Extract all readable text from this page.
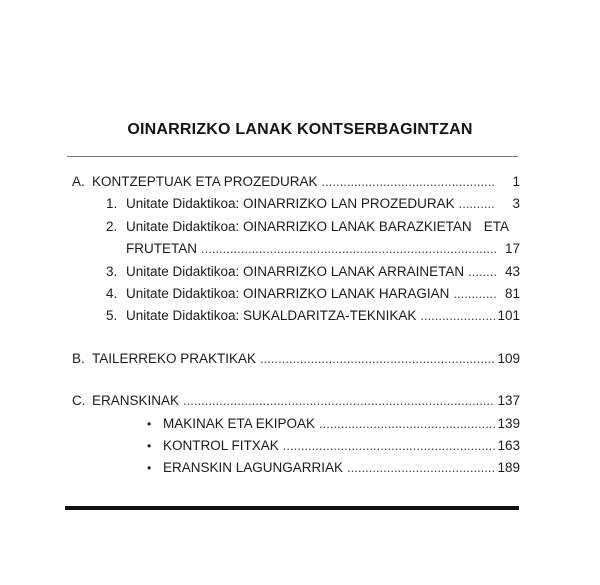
OINARRIZKO LANAK KONTSERBAGINTZAN
A. KONTZEPTUAK ETA PROZEDURAK .....	1
1. Unitate Didaktikoa: OINARRIZKO LAN PROZEDURAK .....	3
2. Unitate Didaktikoa: OINARRIZKO LANAK BARAZKIETAN ETA
FRUTETAN .....	17
3. Unitate Didaktikoa: OINARRIZKO LANAK ARRAINETAN .....	43
4. Unitate Didaktikoa: OINARRIZKO LANAK HARAGIAN .....	81
5. Unitate Didaktikoa: SUKALDARITZA-TEKNIKAK .....	101
B. TAILERREKO PRAKTIKAK .....	109
C. ERANSKINAK .....	137
• MAKINAK ETA EKIPOAK .....	139
• KONTROL FITXAK .....	163
• ERANSKIN LAGUNGARRIAK .....	189
